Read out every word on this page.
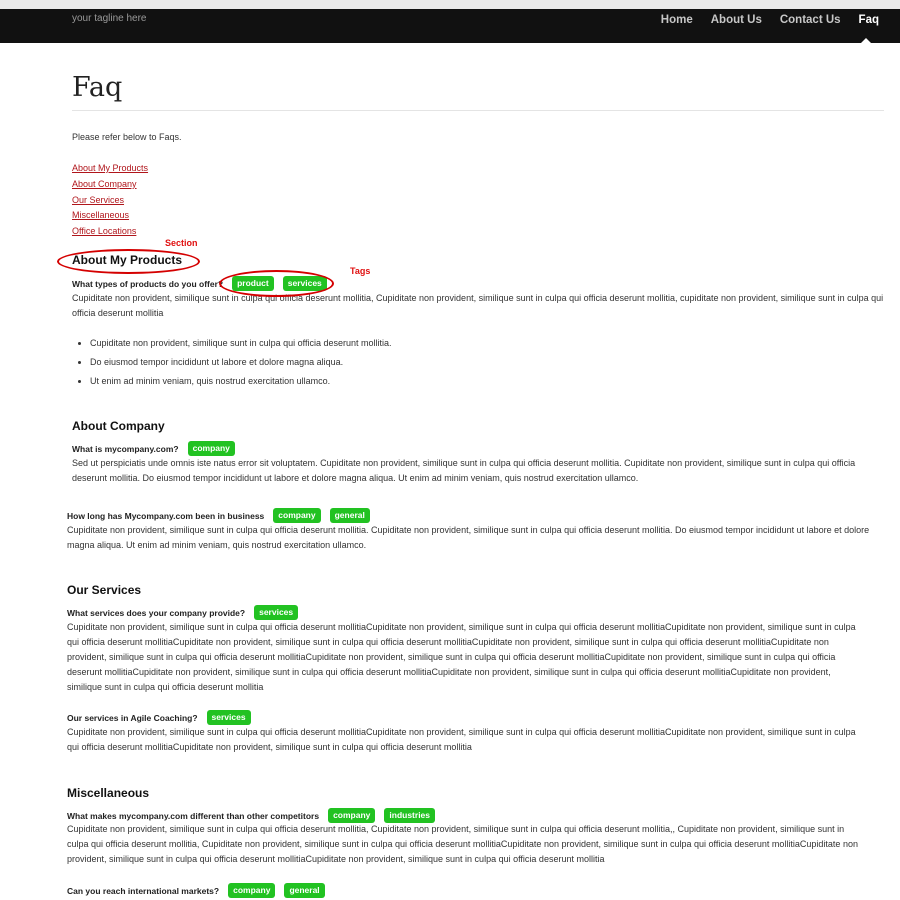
your tagline here	Home	About Us	Contact Us	Faq
Faq
Please refer below to Faqs.
About My Products
About Company
Our Services
Miscellaneous
Office Locations
About My Products
What types of products do you offer?	product	services

Cupiditate non provident, similique sunt in culpa qui officia deserunt mollitia, Cupiditate non provident, similique sunt in culpa qui officia deserunt mollitia, cupiditate non provident, similique sunt in culpa qui officia deserunt mollitia

• Cupiditate non provident, similique sunt in culpa qui officia deserunt mollitia.
• Do eiusmod tempor incididunt ut labore et dolore magna aliqua.
• Ut enim ad minim veniam, quis nostrud exercitation ullamco.
About Company
What is mycompany.com?	company

Sed ut perspiciatis unde omnis iste natus error sit voluptatem. Cupiditate non provident, similique sunt in culpa qui officia deserunt mollitia. Cupiditate non provident, similique sunt in culpa qui officia deserunt mollitia. Do eiusmod tempor incididunt ut labore et dolore magna aliqua. Ut enim ad minim veniam, quis nostrud exercitation ullamco.

How long has Mycompany.com been in business	company	general

Cupiditate non provident, similique sunt in culpa qui officia deserunt mollitia. Cupiditate non provident, similique sunt in culpa qui officia deserunt mollitia. Do eiusmod tempor incididunt ut labore et dolore magna aliqua. Ut enim ad minim veniam, quis nostrud exercitation ullamco.

Our Services
What services does your company provide?	services

Cupiditate non provident, similique sunt in culpa qui officia deserunt mollitiaCupiditate non provident, similique sunt in culpa qui officia deserunt mollitiaCupiditate non provident, similique sunt in culpa qui officia deserunt mollitiaCupiditate non provident, similique sunt in culpa qui officia deserunt mollitiaCupiditate non provident, similique sunt in culpa qui officia deserunt mollitiaCupiditate non provident, similique sunt in culpa qui officia deserunt mollitiaCupiditate non provident, similique sunt in culpa qui officia deserunt mollitiaCupiditate non provident, similique sunt in culpa qui officia deserunt mollitiaCupiditate non provident, similique sunt in culpa qui officia deserunt mollitiaCupiditate non provident, similique sunt in culpa qui officia deserunt mollitiaCupiditate non provident, similique sunt in culpa qui officia deserunt mollitia

Our services in Agile Coaching?	services

Cupiditate non provident, similique sunt in culpa qui officia deserunt mollitiaCupiditate non provident, similique sunt in culpa qui officia deserunt mollitiaCupiditate non provident, similique sunt in culpa qui officia deserunt mollitiaCupiditate non provident, similique sunt in culpa qui officia deserunt mollitia

Miscellaneous
What makes mycompany.com different than other competitors	company	industries

Cupiditate non provident, similique sunt in culpa qui officia deserunt mollitia, Cupiditate non provident, similique sunt in culpa qui officia deserunt mollitia,, Cupiditate non provident, similique sunt in culpa qui officia deserunt mollitia, Cupiditate non provident, similique sunt in culpa qui officia deserunt mollitiaCupiditate non provident, similique sunt in culpa qui officia deserunt mollitiaCupiditate non provident, similique sunt in culpa qui officia deserunt mollitiaCupiditate non provident, similique sunt in culpa qui officia deserunt mollitia

Can you reach international markets?	company	general
Section
Tags
